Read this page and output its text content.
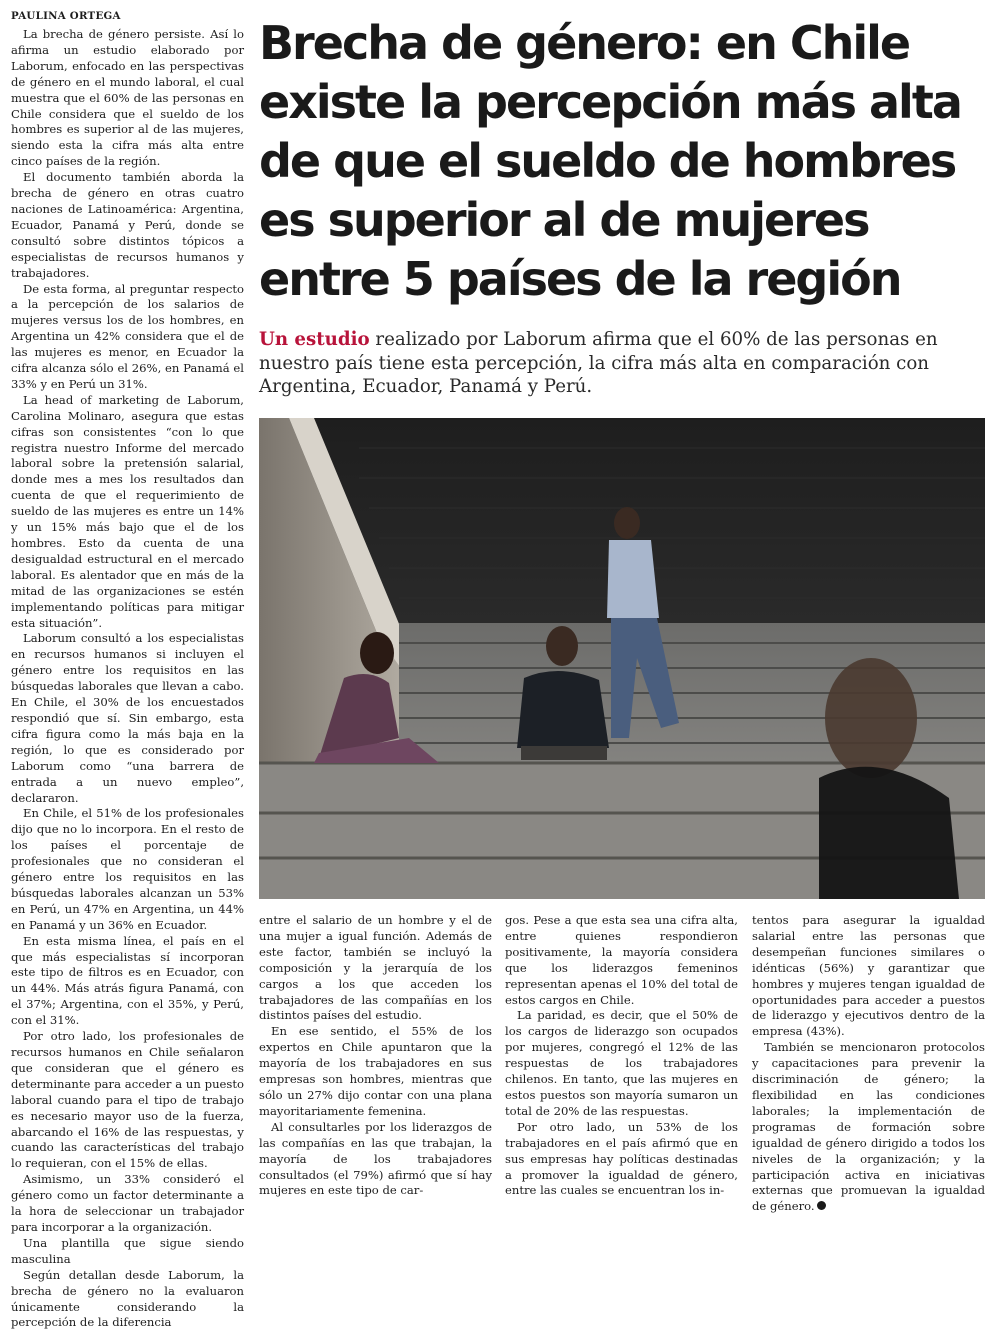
PAULINA ORTEGA

La brecha de género persiste. Así lo afirma un estudio elaborado por Laborum, enfocado en las perspectivas de género en el mundo laboral, el cual muestra que el 60% de las personas en Chile considera que el sueldo de los hombres es superior al de las mujeres, siendo esta la cifra más alta entre cinco países de la región.

El documento también aborda la brecha de género en otras cuatro naciones de Latinoamérica: Argentina, Ecuador, Panamá y Perú, donde se consultó sobre distintos tópicos a especialistas de recursos humanos y trabajadores.

De esta forma, al preguntar respecto a la percepción de los salarios de mujeres versus los de los hombres, en Argentina un 42% considera que el de las mujeres es menor, en Ecuador la cifra alcanza sólo el 26%, en Panamá el 33% y en Perú un 31%.

La head of marketing de Laborum, Carolina Molinaro, asegura que estas cifras son consistentes “con lo que registra nuestro Informe del mercado laboral sobre la pretensión salarial, donde mes a mes los resultados dan cuenta de que el requerimiento de sueldo de las mujeres es entre un 14% y un 15% más bajo que el de los hombres. Esto da cuenta de una desigualdad estructural en el mercado laboral. Es alentador que en más de la mitad de las organizaciones se estén implementando políticas para mitigar esta situación”.

Laborum consultó a los especialistas en recursos humanos si incluyen el género entre los requisitos en las búsquedas laborales que llevan a cabo. En Chile, el 30% de los encuestados respondió que sí. Sin embargo, esta cifra figura como la más baja en la región, lo que es considerado por Laborum como “una barrera de entrada a un nuevo empleo”, declararon.

En Chile, el 51% de los profesionales dijo que no lo incorpora. En el resto de los países el porcentaje de profesionales que no consideran el género entre los requisitos en las búsquedas laborales alcanzan un 53% en Perú, un 47% en Argentina, un 44% en Panamá y un 36% en Ecuador.

En esta misma línea, el país en el que más especialistas sí incorporan este tipo de filtros es en Ecuador, con un 44%. Más atrás figura Panamá, con el 37%; Argentina, con el 35%, y Perú, con el 31%.

Por otro lado, los profesionales de recursos humanos en Chile señalaron que consideran que el género es determinante para acceder a un puesto laboral cuando para el tipo de trabajo es necesario mayor uso de la fuerza, abarcando el 16% de las respuestas, y cuando las características del trabajo lo requieran, con el 15% de ellas.

Asimismo, un 33% consideró el género como un factor determinante a la hora de seleccionar un trabajador para incorporar a la organización.

Una plantilla que sigue siendo masculina

Según detallan desde Laborum, la brecha de género no la evaluaron únicamente considerando la percepción de la diferencia

Brecha de género: en Chile existe la percepción más alta de que el sueldo de hombres es superior al de mujeres entre 5 países de la región

Un estudio realizado por Laborum afirma que el 60% de las personas en nuestro país tiene esta percepción, la cifra más alta en comparación con Argentina, Ecuador, Panamá y Perú.

entre el salario de un hombre y el de una mujer a igual función. Además de este factor, también se incluyó la composición y la jerarquía de los cargos a los que acceden los trabajadores de las compañías en los distintos países del estudio.

En ese sentido, el 55% de los expertos en Chile apuntaron que la mayoría de los trabajadores en sus empresas son hombres, mientras que sólo un 27% dijo contar con una plana mayoritariamente femenina.

Al consultarles por los liderazgos de las compañías en las que trabajan, la mayoría de los trabajadores consultados (el 79%) afirmó que sí hay mujeres en este tipo de car-

gos. Pese a que esta sea una cifra alta, entre quienes respondieron positivamente, la mayoría considera que los liderazgos femeninos representan apenas el 10% del total de estos cargos en Chile.

La paridad, es decir, que el 50% de los cargos de liderazgo son ocupados por mujeres, congregó el 12% de las respuestas de los trabajadores chilenos. En tanto, que las mujeres en estos puestos son mayoría sumaron un total de 20% de las respuestas.

Por otro lado, un 53% de los trabajadores en el país afirmó que en sus empresas hay políticas destinadas a promover la igualdad de género, entre las cuales se encuentran los in-

tentos para asegurar la igualdad salarial entre las personas que desempeñan funciones similares o idénticas (56%) y garantizar que hombres y mujeres tengan igualdad de oportunidades para acceder a puestos de liderazgo y ejecutivos dentro de la empresa (43%).

También se mencionaron protocolos y capacitaciones para prevenir la discriminación de género; la flexibilidad en las condiciones laborales; la implementación de programas de formación sobre igualdad de género dirigido a todos los niveles de la organización; y la participación activa en iniciativas externas que promuevan la igualdad de género.
